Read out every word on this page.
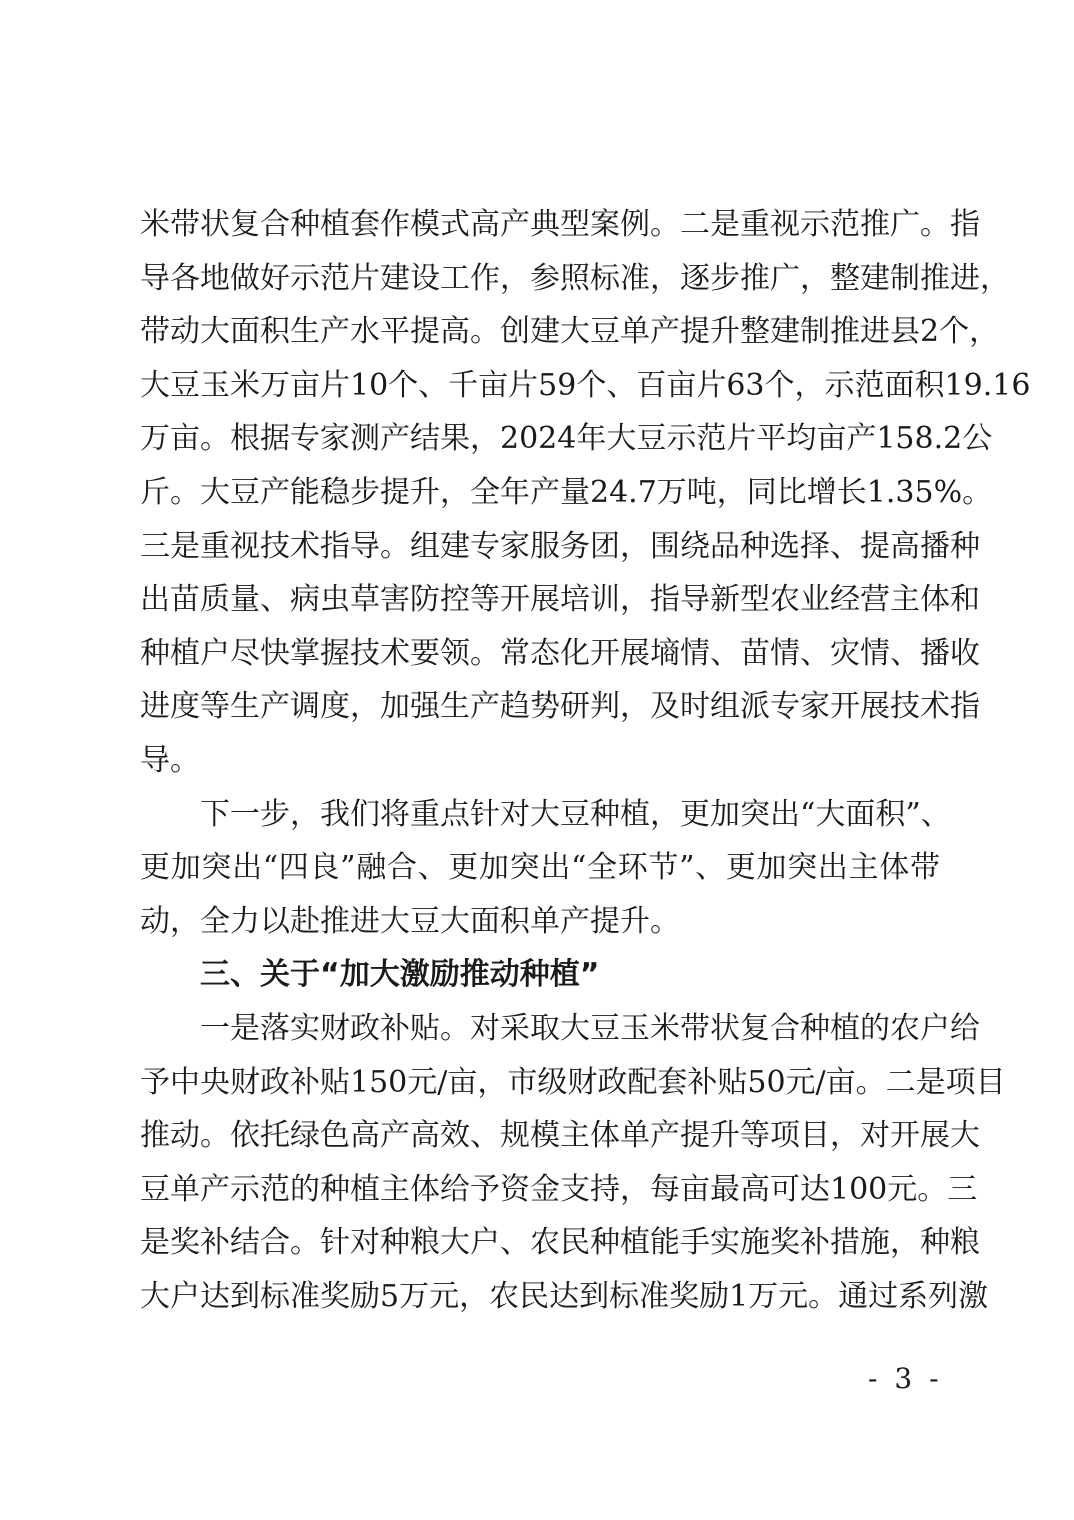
米带状复合种植套作模式高产典型案例。二是重视示范推广。指
导各地做好示范片建设工作，参照标准，逐步推广，整建制推进，
带动大面积生产水平提高。创建大豆单产提升整建制推进县2个，
大豆玉米万亩片10个、千亩片59个、百亩片63个，示范面积19.16
万亩。根据专家测产结果，2024年大豆示范片平均亩产158.2公
斤。大豆产能稳步提升，全年产量24.7万吨，同比增长1.35%。
三是重视技术指导。组建专家服务团，围绕品种选择、提高播种
出苗质量、病虫草害防控等开展培训，指导新型农业经营主体和
种植户尽快掌握技术要领。常态化开展墒情、苗情、灾情、播收
进度等生产调度，加强生产趋势研判，及时组派专家开展技术指
导。
下一步，我们将重点针对大豆种植，更加突出“大面积”、
更加突出“四良”融合、更加突出“全环节”、更加突出主体带
动，全力以赴推进大豆大面积单产提升。
三、关于“加大激励推动种植”
一是落实财政补贴。对采取大豆玉米带状复合种植的农户给
予中央财政补贴150元/亩，市级财政配套补贴50元/亩。二是项目
推动。依托绿色高产高效、规模主体单产提升等项目，对开展大
豆单产示范的种植主体给予资金支持，每亩最高可达100元。三
是奖补结合。针对种粮大户、农民种植能手实施奖补措施，种粮
大户达到标准奖励5万元，农民达到标准奖励1万元。通过系列激
- 3 -
